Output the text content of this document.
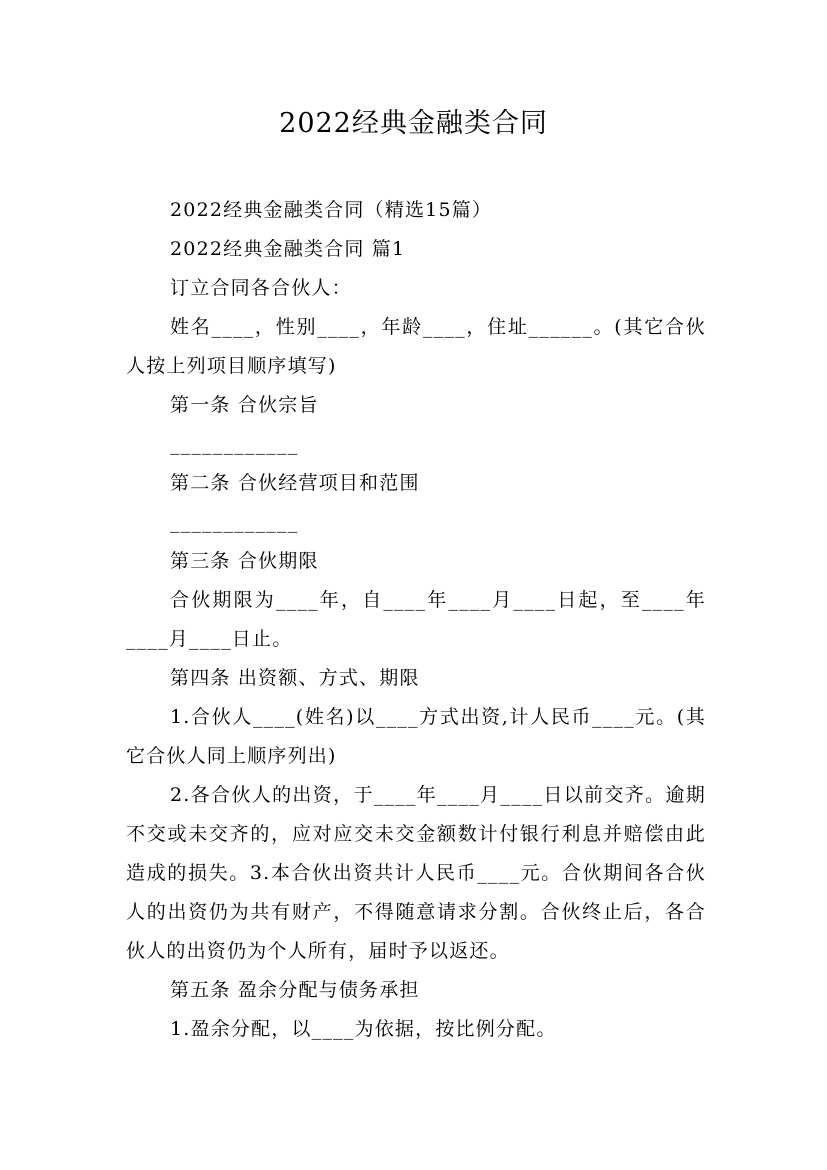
2022经典金融类合同

2022经典金融类合同（精选15篇）

2022经典金融类合同 篇1

订立合同各合伙人：

姓名____，性别____，年龄____，住址______。(其它合伙人按上列项目顺序填写)

第一条 合伙宗旨

____________

第二条 合伙经营项目和范围

____________

第三条 合伙期限

合伙期限为____年，自____年____月____日起，至____年____月____日止。

第四条 出资额、方式、期限

1.合伙人____(姓名)以____方式出资,计人民币____元。(其它合伙人同上顺序列出)

2.各合伙人的出资，于____年____月____日以前交齐。逾期不交或未交齐的，应对应交未交金额数计付银行利息并赔偿由此造成的损失。3.本合伙出资共计人民币____元。合伙期间各合伙人的出资仍为共有财产，不得随意请求分割。合伙终止后，各合伙人的出资仍为个人所有，届时予以返还。

第五条 盈余分配与债务承担

1.盈余分配，以____为依据，按比例分配。
